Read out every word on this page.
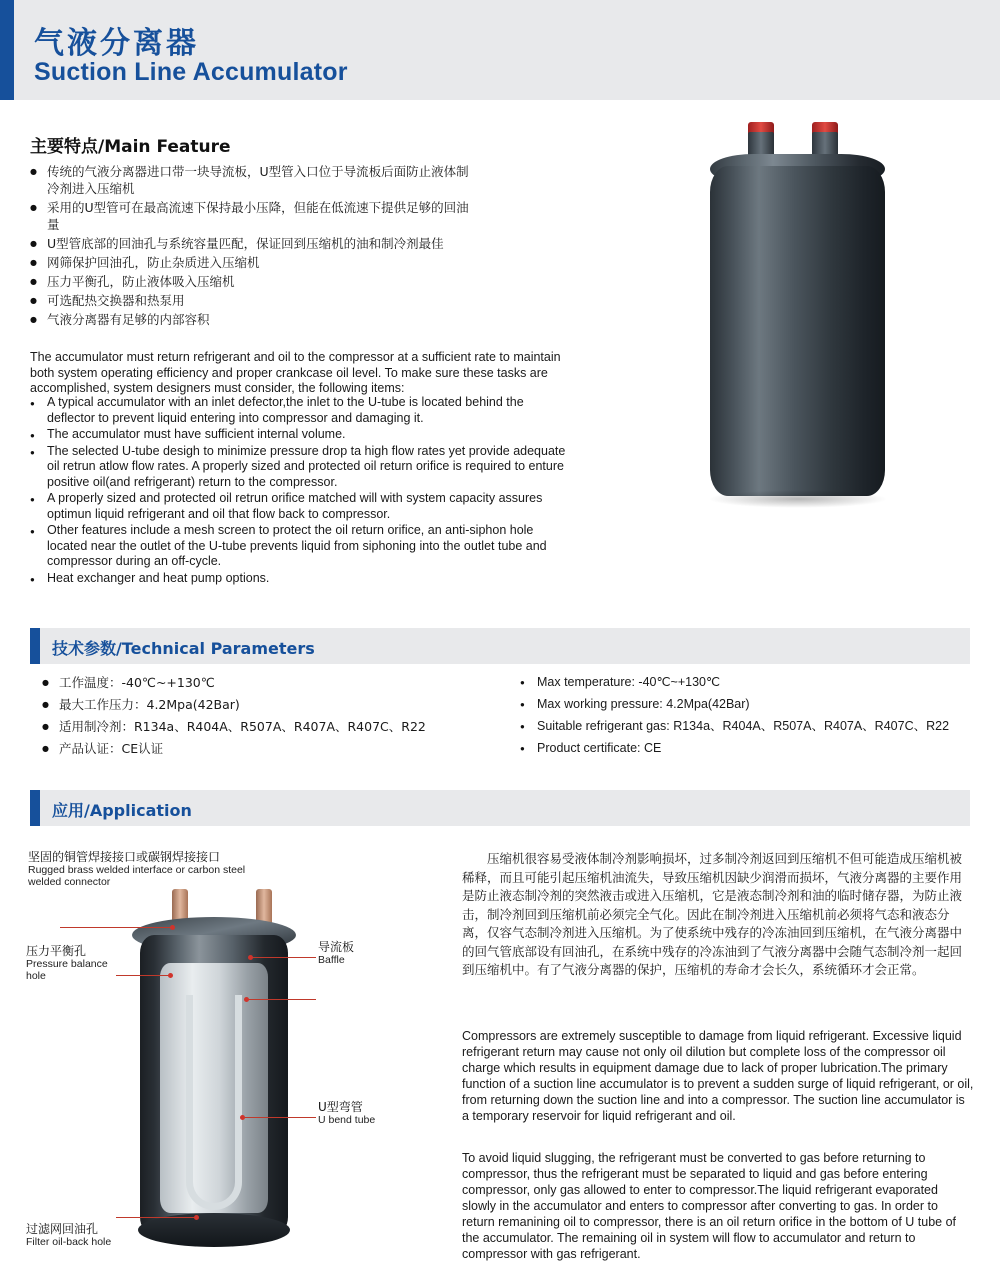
气液分离器
Suction Line Accumulator
主要特点/Main Feature
● 传统的气液分离器进口带一块导流板，U型管入口位于导流板后面防止液体制冷剂进入压缩机
● 采用的U型管可在最高流速下保持最小压降，但能在低流速下提供足够的回油量
● U型管底部的回油孔与系统容量匹配，保证回到压缩机的油和制冷剂最佳
● 网筛保护回油孔，防止杂质进入压缩机
● 压力平衡孔，防止液体吸入压缩机
● 可选配热交换器和热泵用
● 气液分离器有足够的内部容积
The accumulator must return refrigerant and oil to the compressor at a sufficient rate to maintain both system operating efficiency and proper crankcase oil level. To make sure these tasks are accomplished, system designers must consider, the following items:
● A typical accumulator with an inlet defector,the inlet to the U-tube is located behind the deflector to prevent liquid entering into compressor and damaging it.
● The accumulator must have sufficient internal volume.
● The selected U-tube desigh to minimize pressure drop ta high flow rates yet provide adequate oil retrun atlow flow rates. A properly sized and protected oil return orifice is required to enture positive oil(and refrigerant) return to the compressor.
● A properly sized and protected oil retrun orifice matched will with system capacity assures optimun liquid refrigerant and oil that flow back to compressor.
● Other features include a mesh screen to protect the oil return orifice, an anti-siphon hole located near the outlet of the U-tube prevents liquid from siphoning into the outlet tube and compressor during an off-cycle.
● Heat exchanger and heat pump options.
技术参数/Technical Parameters
● 工作温度：-40℃~+130℃
● 最大工作压力：4.2Mpa(42Bar)
● 适用制冷剂：R134a、R404A、R507A、R407A、R407C、R22
● 产品认证：CE认证
● Max temperature: -40℃~+130℃
● Max working pressure: 4.2Mpa(42Bar)
● Suitable refrigerant gas: R134a、R404A、R507A、R407A、R407C、R22
● Product certificate: CE
应用/Application
坚固的铜管焊接接口或碳钢焊接接口
Rugged brass welded interface or carbon steel welded connector
压力平衡孔
Pressure balance hole
导流板
Baffle
U型弯管
U bend tube
过滤网回油孔
Filter oil-back hole

压缩机很容易受液体制冷剂影响损坏，过多制冷剂返回到压缩机不但可能造成压缩机被稀释，而且可能引起压缩机油流失，导致压缩机因缺少润滑而损坏，气液分离器的主要作用是防止液态制冷剂的突然液击或进入压缩机，它是液态制冷剂和油的临时储存器，为防止液击，制冷剂回到压缩机前必须完全气化。因此在制冷剂进入压缩机前必须将气态和液态分离，仅容气态制冷剂进入压缩机。为了使系统中残存的冷冻油回到压缩机，在气液分离器中的回气管底部设有回油孔，在系统中残存的冷冻油到了气液分离器中会随气态制冷剂一起回到压缩机中。有了气液分离器的保护，压缩机的寿命才会长久，系统循环才会正常。

Compressors are extremely susceptible to damage from liquid refrigerant. Excessive liquid refrigerant return may cause not only oil dilution but complete loss of the compressor oil charge which results in equipment damage due to lack of proper lubrication.The primary function of a suction line accumulator is to prevent a sudden surge of liquid refrigerant, or oil, from returning down the suction line and into a compressor. The suction line accumulator is a temporary reservoir for liquid refrigerant and oil.

To avoid liquid slugging, the refrigerant must be converted to gas before returning to compressor, thus the refrigerant must be separated to liquid and gas before entering compressor, only gas allowed to enter to compressor.The liquid refrigerant evaporated slowly in the accumulator and enters to compressor after converting to gas. In order to return remanining oil to compressor, there is an oil return orifice in the bottom of U tube of the accumulator. The remaining oil in system will flow to accumulator and return to compressor with gas refrigerant.
